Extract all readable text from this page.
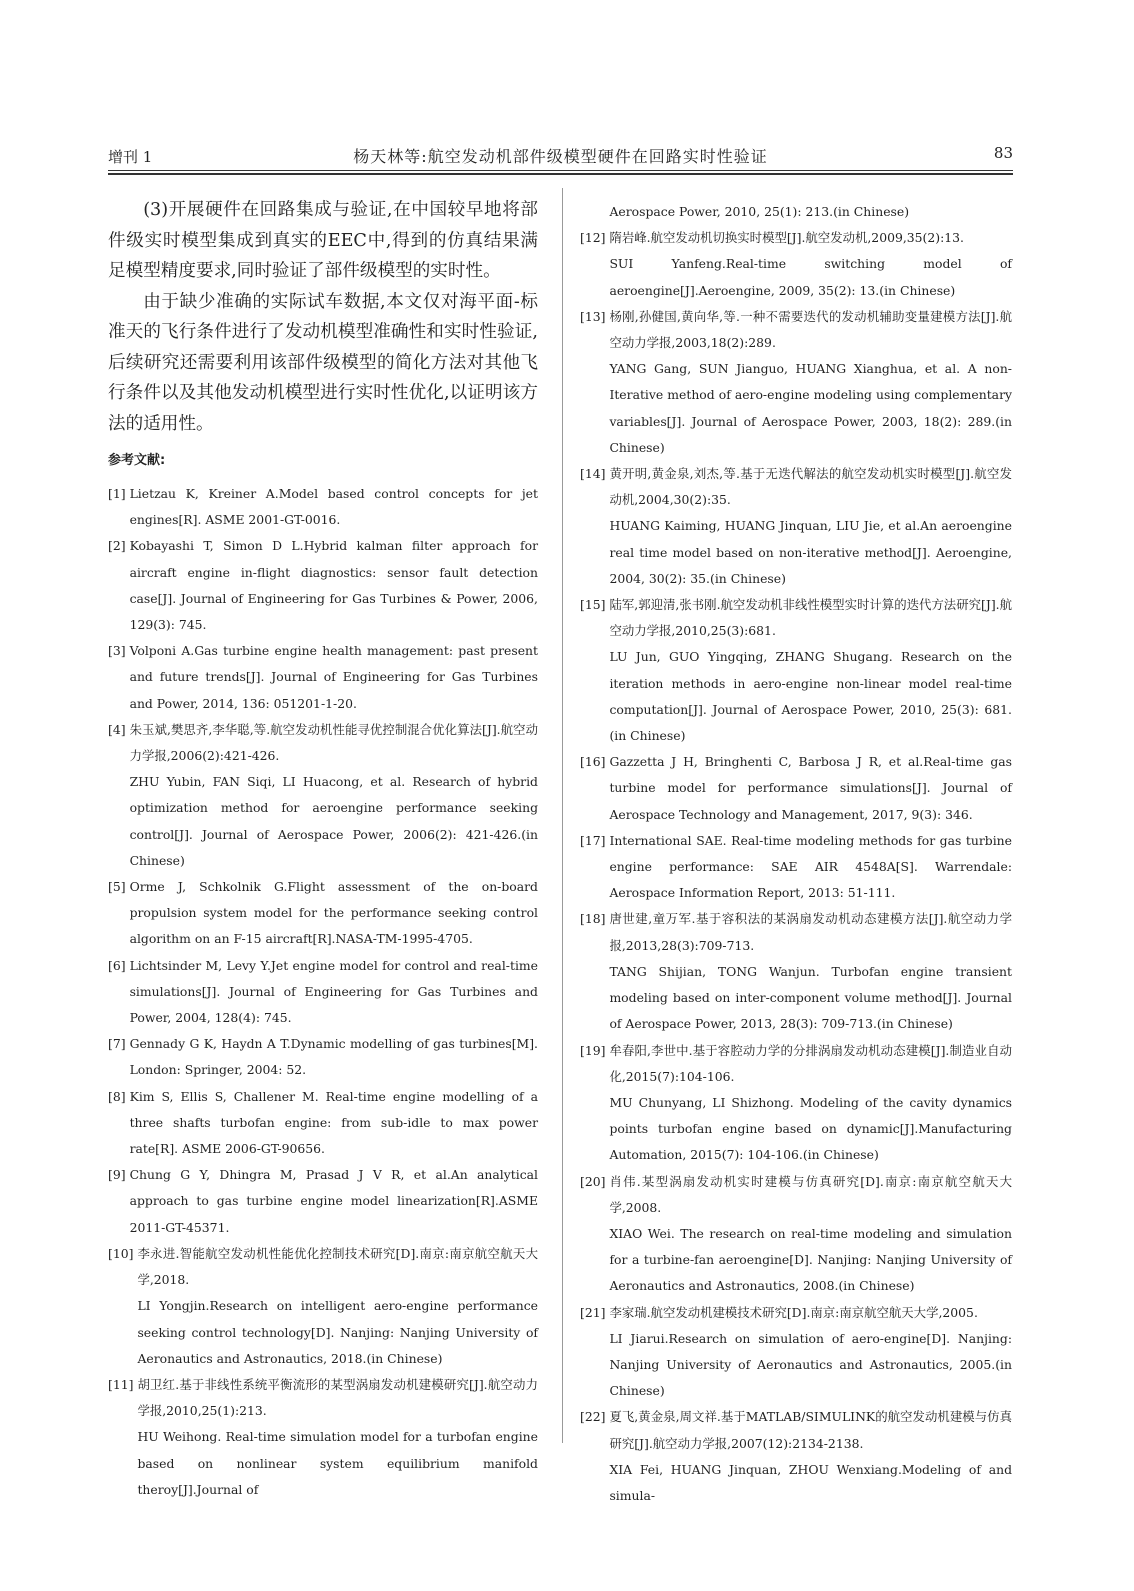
增刊 1	杨天林等:航空发动机部件级模型硬件在回路实时性验证	83

(3)开展硬件在回路集成与验证,在中国较早地将部件级实时模型集成到真实的EEC中,得到的仿真结果满足模型精度要求,同时验证了部件级模型的实时性。

由于缺少准确的实际试车数据,本文仅对海平面-标准天的飞行条件进行了发动机模型准确性和实时性验证,后续研究还需要利用该部件级模型的简化方法对其他飞行条件以及其他发动机模型进行实时性优化,以证明该方法的适用性。

参考文献:
[1] Lietzau K, Kreiner A.Model based control concepts for jet engines[R]. ASME 2001-GT-0016.
[2] Kobayashi T, Simon D L.Hybrid kalman filter approach for aircraft engine in-flight diagnostics: sensor fault detection case[J]. Journal of Engineering for Gas Turbines & Power, 2006, 129(3): 745.
[3] Volponi A.Gas turbine engine health management: past present and future trends[J]. Journal of Engineering for Gas Turbines and Power, 2014, 136: 051201-1-20.
[4] 朱玉斌,樊思齐,李华聪,等.航空发动机性能寻优控制混合优化算法[J].航空动力学报,2006(2):421-426.
ZHU Yubin, FAN Siqi, LI Huacong, et al. Research of hybrid optimization method for aeroengine performance seeking control[J]. Journal of Aerospace Power, 2006(2): 421-426.(in Chinese)
[5] Orme J, Schkolnik G.Flight assessment of the on-board propulsion system model for the performance seeking control algorithm on an F-15 aircraft[R].NASA-TM-1995-4705.
[6] Lichtsinder M, Levy Y.Jet engine model for control and real-time simulations[J]. Journal of Engineering for Gas Turbines and Power, 2004, 128(4): 745.
[7] Gennady G K, Haydn A T.Dynamic modelling of gas turbines[M]. London: Springer, 2004: 52.
[8] Kim S, Ellis S, Challener M. Real-time engine modelling of a three shafts turbofan engine: from sub-idle to max power rate[R]. ASME 2006-GT-90656.
[9] Chung G Y, Dhingra M, Prasad J V R, et al.An analytical approach to gas turbine engine model linearization[R].ASME 2011-GT-45371.
[10] 李永进.智能航空发动机性能优化控制技术研究[D].南京:南京航空航天大学,2018.
LI Yongjin.Research on intelligent aero-engine performance seeking control technology[D]. Nanjing: Nanjing University of Aeronautics and Astronautics, 2018.(in Chinese)
[11] 胡卫红.基于非线性系统平衡流形的某型涡扇发动机建模研究[J].航空动力学报,2010,25(1):213.
HU Weihong. Real-time simulation model for a turbofan engine based on nonlinear system equilibrium manifold theroy[J].Journal of
Aerospace Power, 2010, 25(1): 213.(in Chinese)
[12] 隋岩峰.航空发动机切换实时模型[J].航空发动机,2009,35(2):13.
SUI Yanfeng.Real-time switching model of aeroengine[J].Aeroengine, 2009, 35(2): 13.(in Chinese)
[13] 杨刚,孙健国,黄向华,等.一种不需要迭代的发动机辅助变量建模方法[J].航空动力学报,2003,18(2):289.
YANG Gang, SUN Jianguo, HUANG Xianghua, et al. A non-Iterative method of aero-engine modeling using complementary variables[J]. Journal of Aerospace Power, 2003, 18(2): 289.(in Chinese)
[14] 黄开明,黄金泉,刘杰,等.基于无迭代解法的航空发动机实时模型[J].航空发动机,2004,30(2):35.
HUANG Kaiming, HUANG Jinquan, LIU Jie, et al.An aeroengine real time model based on non-iterative method[J]. Aeroengine, 2004, 30(2): 35.(in Chinese)
[15] 陆军,郭迎清,张书刚.航空发动机非线性模型实时计算的迭代方法研究[J].航空动力学报,2010,25(3):681.
LU Jun, GUO Yingqing, ZHANG Shugang. Research on the iteration methods in aero-engine non-linear model real-time computation[J]. Journal of Aerospace Power, 2010, 25(3): 681.(in Chinese)
[16] Gazzetta J H, Bringhenti C, Barbosa J R, et al.Real-time gas turbine model for performance simulations[J]. Journal of Aerospace Technology and Management, 2017, 9(3): 346.
[17] International SAE. Real-time modeling methods for gas turbine engine performance: SAE AIR 4548A[S]. Warrendale: Aerospace Information Report, 2013: 51-111.
[18] 唐世建,童万军.基于容积法的某涡扇发动机动态建模方法[J].航空动力学报,2013,28(3):709-713.
TANG Shijian, TONG Wanjun. Turbofan engine transient modeling based on inter-component volume method[J]. Journal of Aerospace Power, 2013, 28(3): 709-713.(in Chinese)
[19] 牟春阳,李世中.基于容腔动力学的分排涡扇发动机动态建模[J].制造业自动化,2015(7):104-106.
MU Chunyang, LI Shizhong. Modeling of the cavity dynamics points turbofan engine based on dynamic[J].Manufacturing Automation, 2015(7): 104-106.(in Chinese)
[20] 肖伟.某型涡扇发动机实时建模与仿真研究[D].南京:南京航空航天大学,2008.
XIAO Wei. The research on real-time modeling and simulation for a turbine-fan aeroengine[D]. Nanjing: Nanjing University of Aeronautics and Astronautics, 2008.(in Chinese)
[21] 李家瑞.航空发动机建模技术研究[D].南京:南京航空航天大学,2005.
LI Jiarui.Research on simulation of aero-engine[D]. Nanjing: Nanjing University of Aeronautics and Astronautics, 2005.(in Chinese)
[22] 夏飞,黄金泉,周文祥.基于MATLAB/SIMULINK的航空发动机建模与仿真研究[J].航空动力学报,2007(12):2134-2138.
XIA Fei, HUANG Jinquan, ZHOU Wenxiang.Modeling of and simula-
